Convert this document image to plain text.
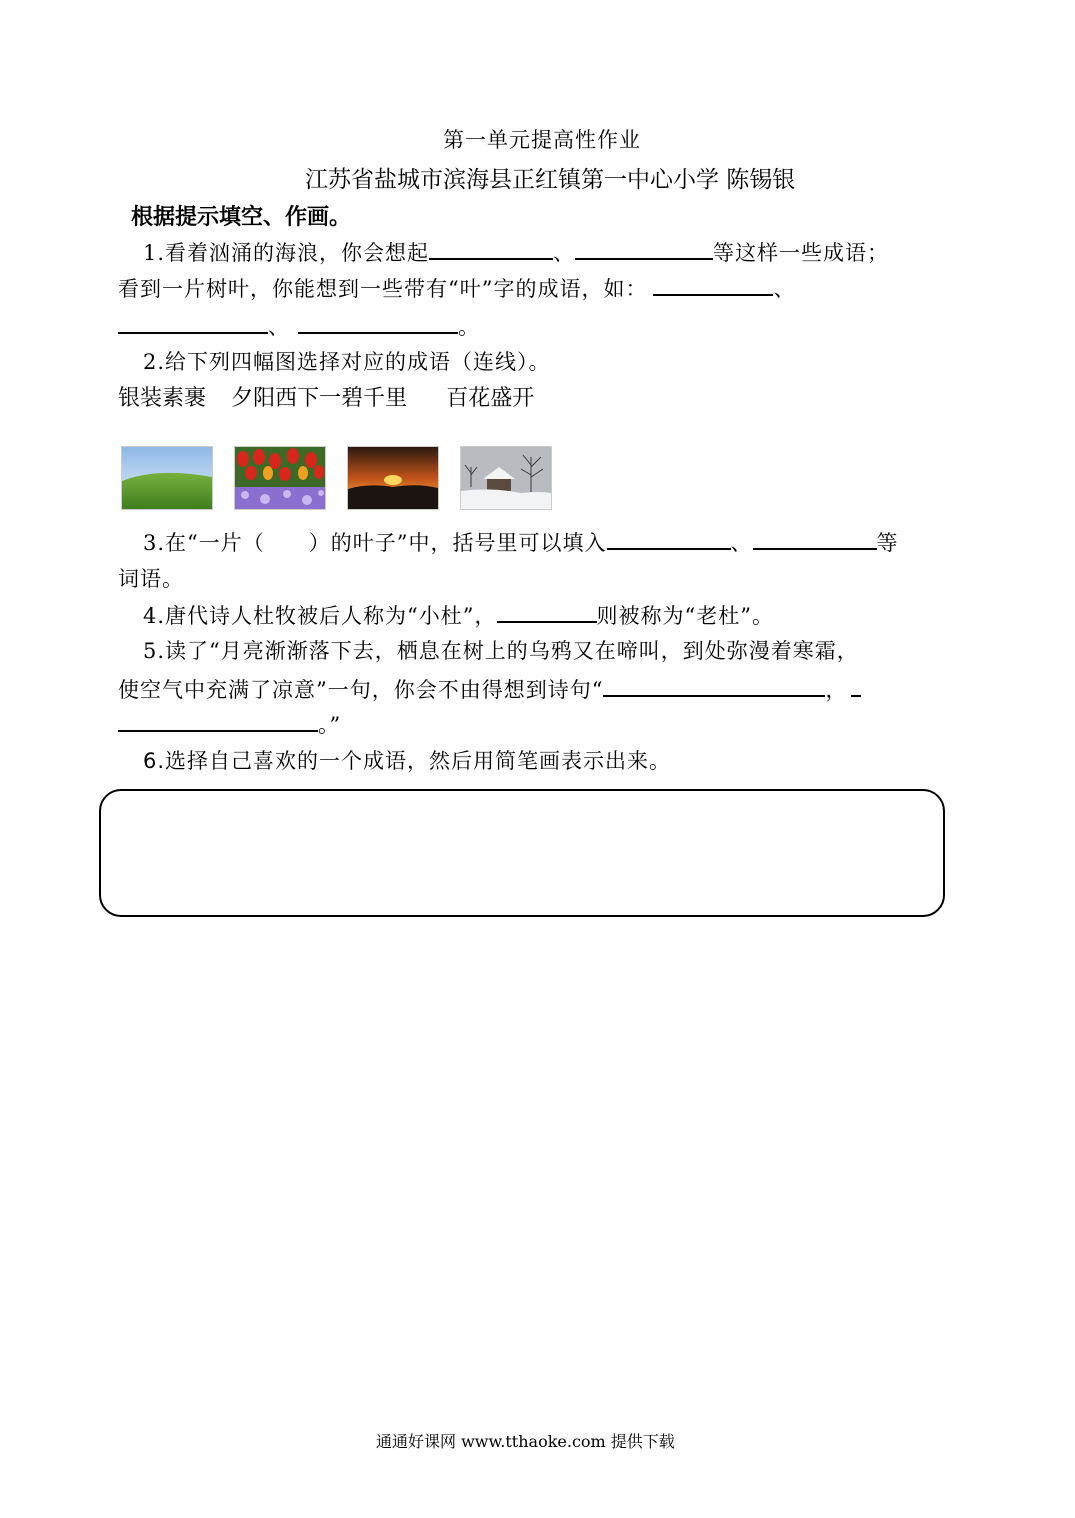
第一单元提高性作业
江苏省盐城市滨海县正红镇第一中心小学 陈锡银
根据提示填空、作画。
1.看着汹涌的海浪，你会想起	、	等这样一些成语；
看到一片树叶，你能想到一些带有“叶”字的成语，如：	、
、	。
2.给下列四幅图选择对应的成语（连线）。
银装素裹 夕阳西下一碧千里 百花盛开
3.在“一片（　　）的叶子”中，括号里可以填入	、	等
词语。
4.唐代诗人杜牧被后人称为“小杜”，	则被称为“老杜”。
5.读了“月亮渐渐落下去，栖息在树上的乌鸦又在啼叫，到处弥漫着寒霜，
使空气中充满了凉意”一句，你会不由得想到诗句“	，
。”
6.选择自己喜欢的一个成语，然后用简笔画表示出来。
通通好课网 www.tthaoke.com 提供下载
